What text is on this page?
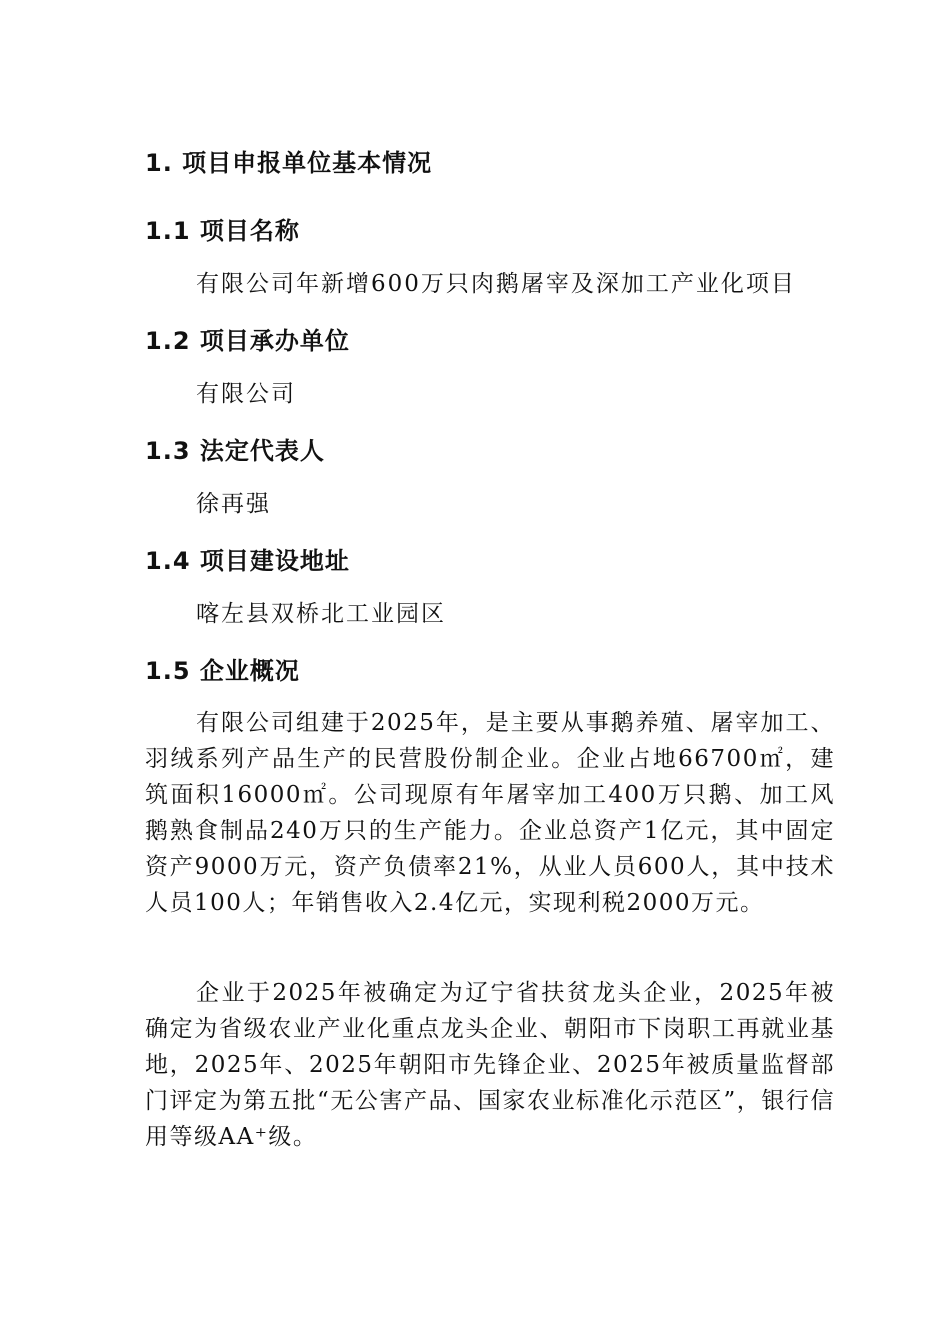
1. 项目申报单位基本情况
1.1 项目名称
有限公司年新增600万只肉鹅屠宰及深加工产业化项目
1.2 项目承办单位
有限公司
1.3 法定代表人
徐再强
1.4 项目建设地址
喀左县双桥北工业园区
1.5 企业概况

有限公司组建于2025年，是主要从事鹅养殖、屠宰加工、羽绒系列产品生产的民营股份制企业。企业占地66700㎡，建筑面积16000㎡。公司现原有年屠宰加工400万只鹅、加工风鹅熟食制品240万只的生产能力。企业总资产1亿元，其中固定资产9000万元，资产负债率21%，从业人员600人，其中技术人员100人；年销售收入2.4亿元，实现利税2000万元。

企业于2025年被确定为辽宁省扶贫龙头企业，2025年被确定为省级农业产业化重点龙头企业、朝阳市下岗职工再就业基地，2025年、2025年朝阳市先锋企业、2025年被质量监督部门评定为第五批“无公害产品、国家农业标准化示范区”，银行信用等级AA⁺级。
